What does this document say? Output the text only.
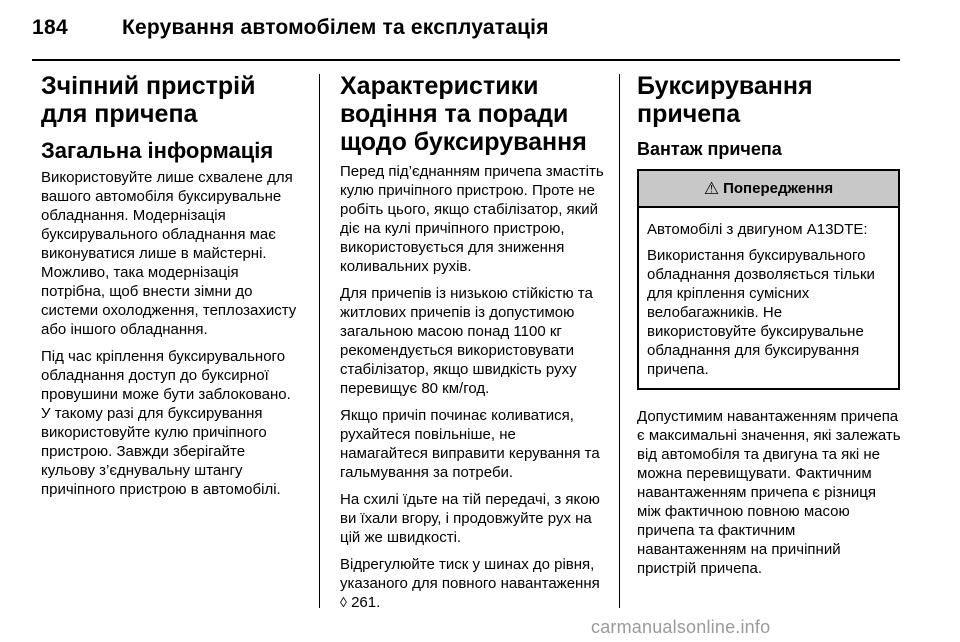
184	Керування автомобілем та експлуатація
Зчіпний пристрій для причепа
Загальна інформація

Використовуйте лише схвалене для вашого автомобіля буксирувальне обладнання. Модернізація буксирувального обладнання має виконуватися лише в майстерні. Можливо, така модернізація потрібна, щоб внести зімни до системи охолодження, теплозахисту або іншого обладнання.

Під час кріплення буксирувального обладнання доступ до буксирної провушини може бути заблоковано. У такому разі для буксирування використовуйте кулю причіпного пристрою. Завжди зберігайте кульову з’єднувальну штангу причіпного пристрою в автомобілі.

Характеристики водіння та поради щодо буксирування

Перед під’єднанням причепа змастіть кулю причіпного пристрою. Проте не робіть цього, якщо стабілізатор, який діє на кулі причіпного пристрою, використовується для зниження коливальних рухів.

Для причепів із низькою стійкістю та житлових причепів із допустимою загальною масою понад 1100 кг рекомендується використовувати стабілізатор, якщо швидкість руху перевищує 80 км/год.

Якщо причіп починає коливатися, рухайтеся повільніше, не намагайтеся виправити керування та гальмування за потреби.

На схилі їдьте на тій передачі, з якою ви їхали вгору, і продовжуйте рух на цій же швидкості.

Відрегулюйте тиск у шинах до рівня, указаного для повного навантаження ◊ 261.

Буксирування причепа
Вантаж причепа
⚠ Попередження

Автомобілі з двигуном A13DTE:

Використання буксирувального обладнання дозволяється тільки для кріплення сумісних велобагажників. Не використовуйте буксирувальне обладнання для буксирування причепа.

Допустимим навантаженням причепа є максимальні значення, які залежать від автомобіля та двигуна та які не можна перевищувати. Фактичним навантаженням причепа є різниця між фактичною повною масою причепа та фактичним навантаженням на причіпний пристрій причепа.

carmanualsonline.info
